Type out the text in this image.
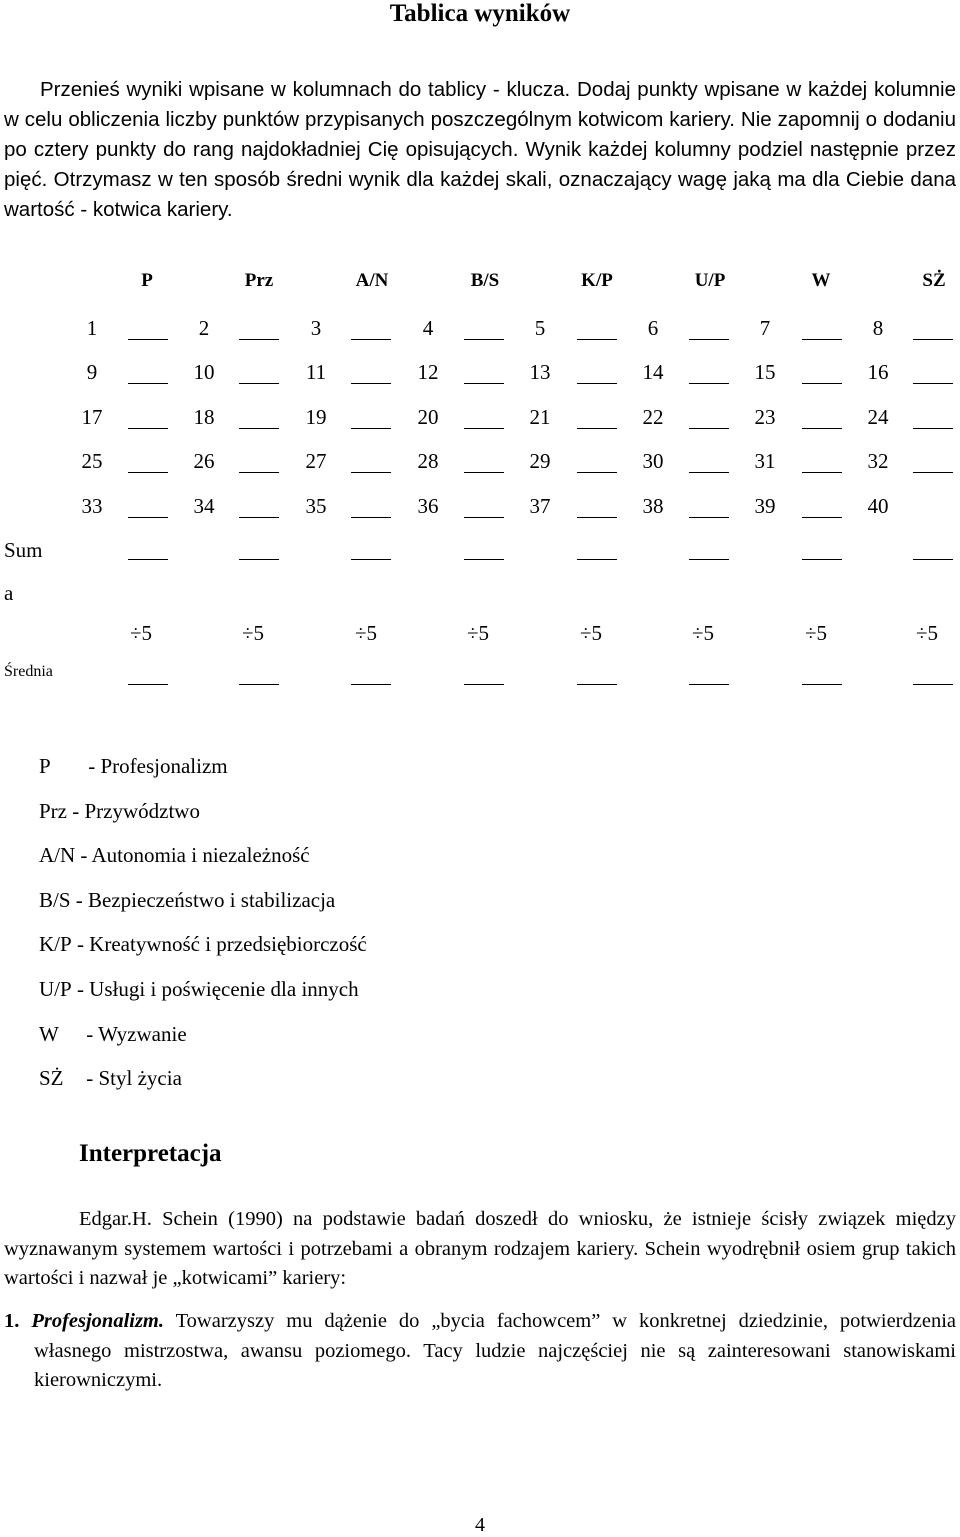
Tablica wyników

Przenieś wyniki wpisane w kolumnach do tablicy - klucza. Dodaj punkty wpisane w każdej kolumnie w celu obliczenia liczby punktów przypisanych poszczególnym kotwicom kariery. Nie zapomnij o dodaniu po cztery punkty do rang najdokładniej Cię opisujących. Wynik każdej kolumny podziel następnie przez pięć. Otrzymasz w ten sposób średni wynik dla każdej skali, oznaczający wagę jaką ma dla Ciebie dana wartość - kotwica kariery.

P	Prz	A/N	B/S	K/P	U/P	W	SŻ
1	2	3	4	5	6	7	8
9	10	11	12	13	14	15	16
17	18	19	20	21	22	23	24
25	26	27	28	29	30	31	32
33	34	35	36	37	38	39	40
Sum
a
÷5	÷5	÷5	÷5	÷5	÷5	÷5	÷5
Średnia
P - Profesjonalizm
Prz - Przywództwo
A/N - Autonomia i niezależność
B/S - Bezpieczeństwo i stabilizacja
K/P - Kreatywność i przedsiębiorczość
U/P - Usługi i poświęcenie dla innych
W - Wyzwanie
SŻ - Styl życia
Interpretacja

Edgar.H. Schein (1990) na podstawie badań doszedł do wniosku, że istnieje ścisły związek między wyznawanym systemem wartości i potrzebami a obranym rodzajem kariery. Schein wyodrębnił osiem grup takich wartości i nazwał je „kotwicami” kariery:

1. Profesjonalizm. Towarzyszy mu dążenie do „bycia fachowcem” w konkretnej dziedzinie, potwierdzenia własnego mistrzostwa, awansu poziomego. Tacy ludzie najczęściej nie są zainteresowani stanowiskami kierowniczymi.

4
